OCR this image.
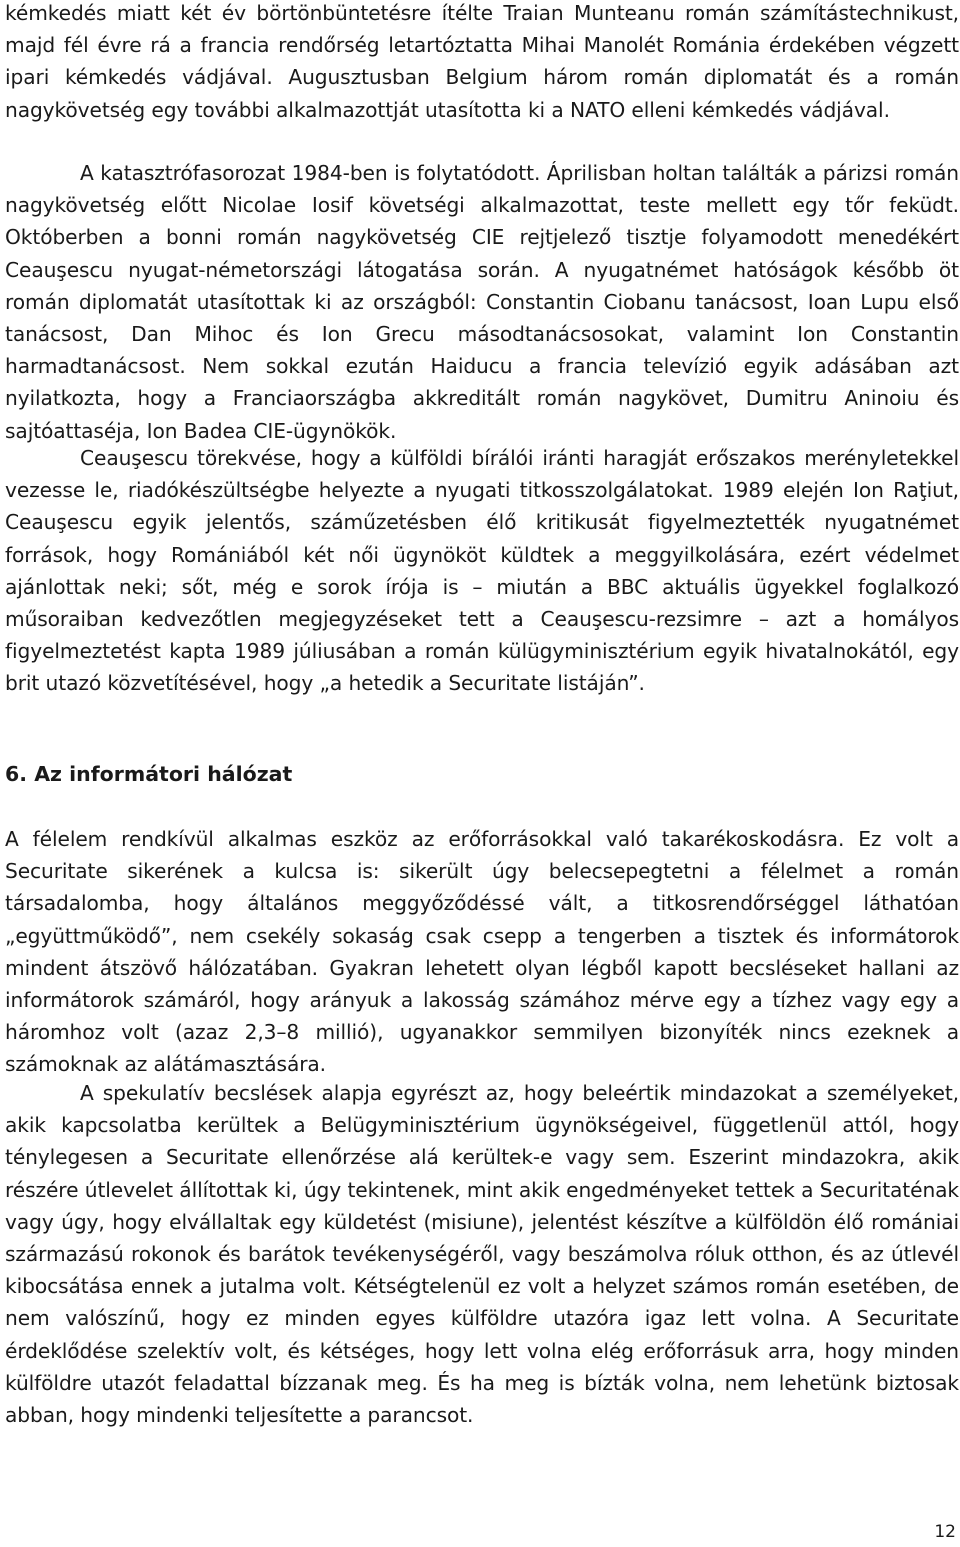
kémkedés miatt két év börtönbüntetésre ítélte Traian Munteanu román számítástechnikust, majd fél évre rá a francia rendőrség letartóztatta Mihai Manolét Románia érdekében végzett ipari kémkedés vádjával. Augusztusban Belgium három román diplomatát és a román nagykövetség egy további alkalmazottját utasította ki a NATO elleni kémkedés vádjával.

A katasztrófasorozat 1984-ben is folytatódott. Áprilisban holtan találták a párizsi román nagykövetség előtt Nicolae Iosif követségi alkalmazottat, teste mellett egy tőr feküdt. Októberben a bonni román nagykövetség CIE rejtjelező tisztje folyamodott menedékért Ceauşescu nyugat-németországi látogatása során. A nyugatnémet hatóságok később öt román diplomatát utasítottak ki az országból: Constantin Ciobanu tanácsost, Ioan Lupu első tanácsost, Dan Mihoc és Ion Grecu másodtanácsosokat, valamint Ion Constantin harmadtanácsost. Nem sokkal ezután Haiducu a francia televízió egyik adásában azt nyilatkozta, hogy a Franciaországba akkreditált román nagykövet, Dumitru Aninoiu és sajtóattaséja, Ion Badea CIE-ügynökök.

Ceauşescu törekvése, hogy a külföldi bírálói iránti haragját erőszakos merényletekkel vezesse le, riadókészültségbe helyezte a nyugati titkosszolgálatokat. 1989 elején Ion Raţiut, Ceauşescu egyik jelentős, száműzetésben élő kritikusát figyelmeztették nyugatnémet források, hogy Romániából két női ügynököt küldtek a meggyilkolására, ezért védelmet ajánlottak neki; sőt, még e sorok írója is – miután a BBC aktuális ügyekkel foglalkozó műsoraiban kedvezőtlen megjegyzéseket tett a Ceauşescu-rezsimre – azt a homályos figyelmeztetést kapta 1989 júliusában a román külügyminisztérium egyik hivatalnokától, egy brit utazó közvetítésével, hogy „a hetedik a Securitate listáján”.

6. Az informátori hálózat

A félelem rendkívül alkalmas eszköz az erőforrásokkal való takarékoskodásra. Ez volt a Securitate sikerének a kulcsa is: sikerült úgy belecsepegtetni a félelmet a román társadalomba, hogy általános meggyőződéssé vált, a titkosrendőrséggel láthatóan „együttműködő”, nem csekély sokaság csak csepp a tengerben a tisztek és informátorok mindent átszövő hálózatában. Gyakran lehetett olyan légből kapott becsléseket hallani az informátorok számáról, hogy arányuk a lakosság számához mérve egy a tízhez vagy egy a háromhoz volt (azaz 2,3–8 millió), ugyanakkor semmilyen bizonyíték nincs ezeknek a számoknak az alátámasztására.

A spekulatív becslések alapja egyrészt az, hogy beleértik mindazokat a személyeket, akik kapcsolatba kerültek a Belügyminisztérium ügynökségeivel, függetlenül attól, hogy ténylegesen a Securitate ellenőrzése alá kerültek-e vagy sem. Eszerint mindazokra, akik részére útlevelet állítottak ki, úgy tekintenek, mint akik engedményeket tettek a Securitaténak vagy úgy, hogy elvállaltak egy küldetést (misiune), jelentést készítve a külföldön élő romániai származású rokonok és barátok tevékenységéről, vagy beszámolva róluk otthon, és az útlevél kibocsátása ennek a jutalma volt. Kétségtelenül ez volt a helyzet számos román esetében, de nem valószínű, hogy ez minden egyes külföldre utazóra igaz lett volna. A Securitate érdeklődése szelektív volt, és kétséges, hogy lett volna elég erőforrásuk arra, hogy minden külföldre utazót feladattal bízzanak meg. És ha meg is bízták volna, nem lehetünk biztosak abban, hogy mindenki teljesítette a parancsot.

12
